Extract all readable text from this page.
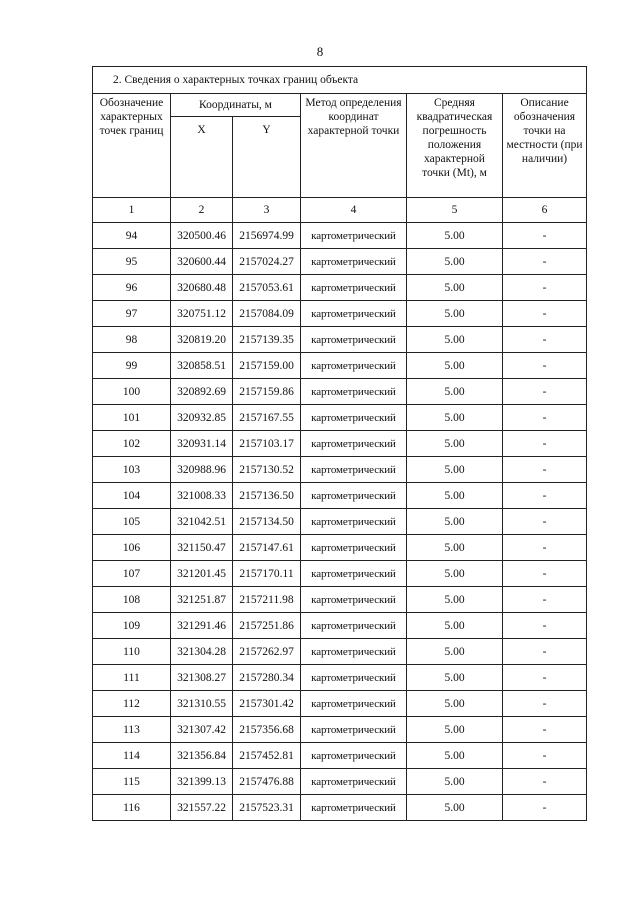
8
2. Сведения о характерных точках границ объекта					
Обозначение характерных точек границ	Координаты, м		Метод определения координат характерной точки	Средняя квадратическая погрешность положения характерной точки (Mt), м	Описание обозначения точки на местности (при наличии)
	X	Y			
1	2	3	4	5	6
94	320500.46	2156974.99	картометрический	5.00	-
95	320600.44	2157024.27	картометрический	5.00	-
96	320680.48	2157053.61	картометрический	5.00	-
97	320751.12	2157084.09	картометрический	5.00	-
98	320819.20	2157139.35	картометрический	5.00	-
99	320858.51	2157159.00	картометрический	5.00	-
100	320892.69	2157159.86	картометрический	5.00	-
101	320932.85	2157167.55	картометрический	5.00	-
102	320931.14	2157103.17	картометрический	5.00	-
103	320988.96	2157130.52	картометрический	5.00	-
104	321008.33	2157136.50	картометрический	5.00	-
105	321042.51	2157134.50	картометрический	5.00	-
106	321150.47	2157147.61	картометрический	5.00	-
107	321201.45	2157170.11	картометрический	5.00	-
108	321251.87	2157211.98	картометрический	5.00	-
109	321291.46	2157251.86	картометрический	5.00	-
110	321304.28	2157262.97	картометрический	5.00	-
111	321308.27	2157280.34	картометрический	5.00	-
112	321310.55	2157301.42	картометрический	5.00	-
113	321307.42	2157356.68	картометрический	5.00	-
114	321356.84	2157452.81	картометрический	5.00	-
115	321399.13	2157476.88	картометрический	5.00	-
116	321557.22	2157523.31	картометрический	5.00	-
